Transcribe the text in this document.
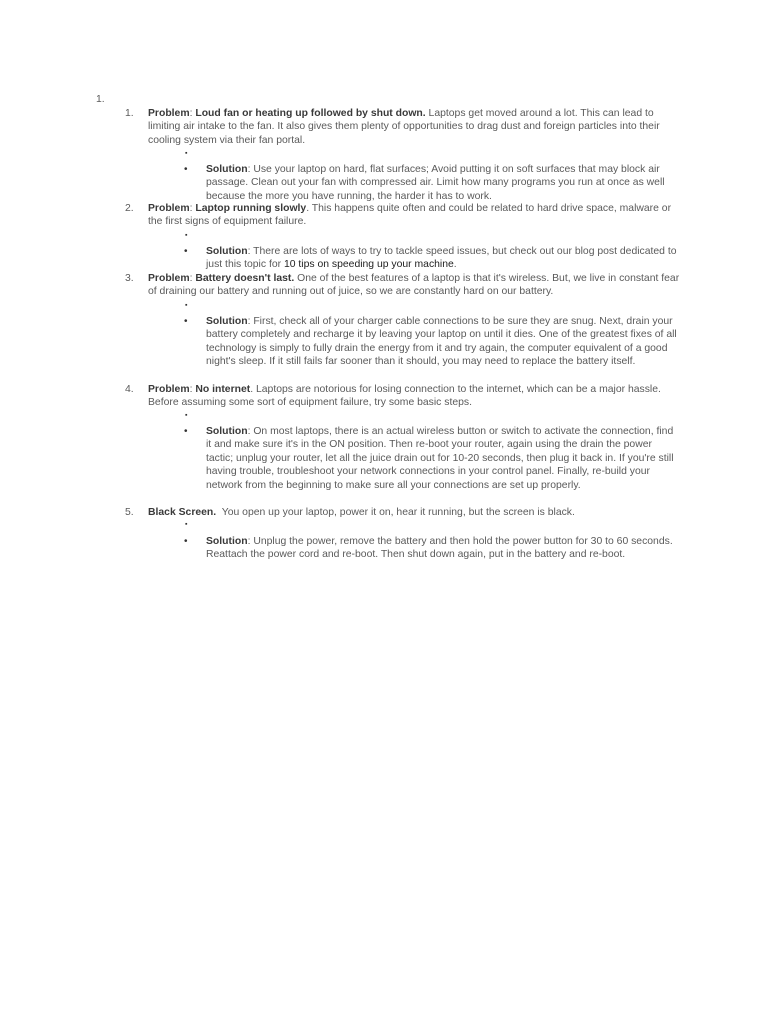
1.
1. Problem: Loud fan or heating up followed by shut down. Laptops get moved around a lot. This can lead to limiting air intake to the fan. It also gives them plenty of opportunities to drag dust and foreign particles into their cooling system via their fan portal.
▪
• Solution: Use your laptop on hard, flat surfaces; Avoid putting it on soft surfaces that may block air passage. Clean out your fan with compressed air. Limit how many programs you run at once as well because the more you have running, the harder it has to work.
2. Problem: Laptop running slowly. This happens quite often and could be related to hard drive space, malware or the first signs of equipment failure.
▪
• Solution: There are lots of ways to try to tackle speed issues, but check out our blog post dedicated to just this topic for 10 tips on speeding up your machine.
3. Problem: Battery doesn't last. One of the best features of a laptop is that it's wireless. But, we live in constant fear of draining our battery and running out of juice, so we are constantly hard on our battery.
▪
• Solution: First, check all of your charger cable connections to be sure they are snug. Next, drain your battery completely and recharge it by leaving your laptop on until it dies. One of the greatest fixes of all technology is simply to fully drain the energy from it and try again, the computer equivalent of a good night's sleep. If it still fails far sooner than it should, you may need to replace the battery itself.
4. Problem: No internet. Laptops are notorious for losing connection to the internet, which can be a major hassle. Before assuming some sort of equipment failure, try some basic steps.
▪
• Solution: On most laptops, there is an actual wireless button or switch to activate the connection, find it and make sure it's in the ON position. Then re-boot your router, again using the drain the power tactic; unplug your router, let all the juice drain out for 10-20 seconds, then plug it back in. If you're still having trouble, troubleshoot your network connections in your control panel. Finally, re-build your network from the beginning to make sure all your connections are set up properly.
5. Black Screen.  You open up your laptop, power it on, hear it running, but the screen is black.
▪
• Solution: Unplug the power, remove the battery and then hold the power button for 30 to 60 seconds. Reattach the power cord and re-boot. Then shut down again, put in the battery and re-boot.
